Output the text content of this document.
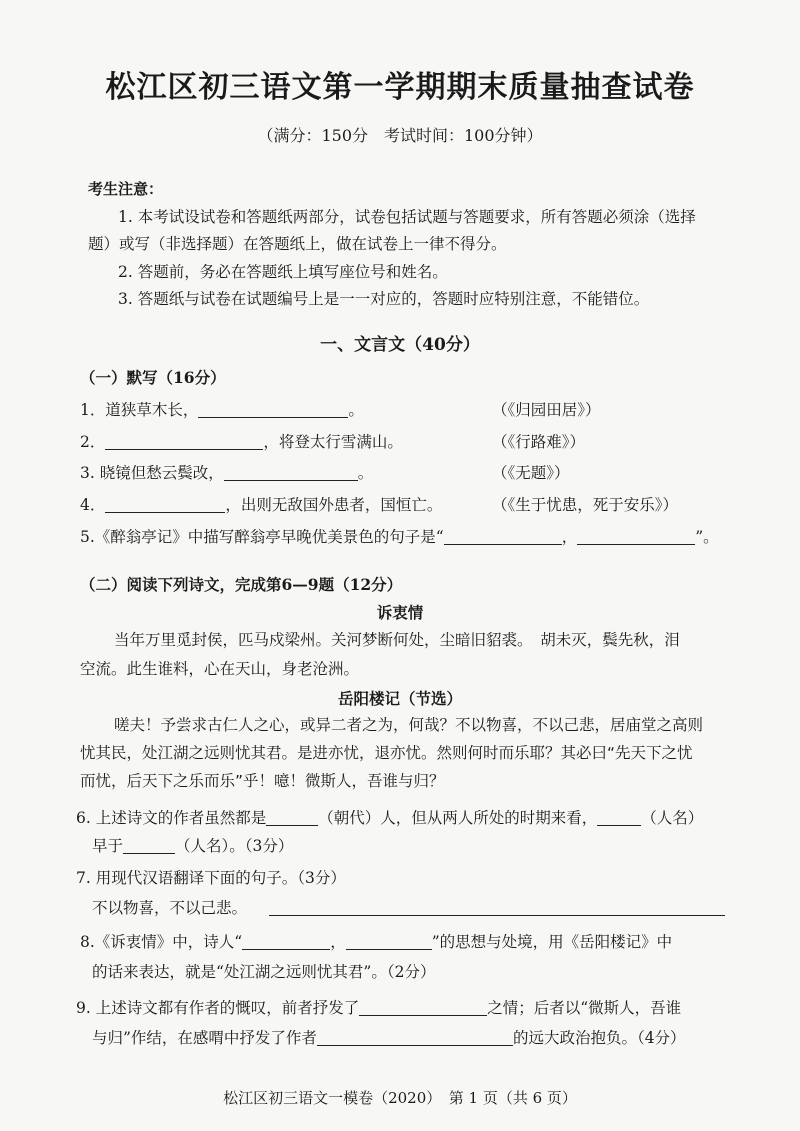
松江区初三语文第一学期期末质量抽查试卷
（满分：150分　考试时间：100分钟）
考生注意：
1. 本考试设试卷和答题纸两部分，试卷包括试题与答题要求，所有答题必须涂（选择
题）或写（非选择题）在答题纸上，做在试卷上一律不得分。
2. 答题前，务必在答题纸上填写座位号和姓名。
3. 答题纸与试卷在试题编号上是一一对应的，答题时应特别注意，不能错位。
一、文言文（40分）
（一）默写（16分）
1．道狭草木长，	。	（《归园田居》）
2．	，将登太行雪满山。	（《行路难》）
3. 晓镜但愁云鬓改，	。	（《无题》）
4．	，出则无敌国外患者，国恒亡。	（《生于忧患，死于安乐》）
5.《醉翁亭记》中描写醉翁亭早晚优美景色的句子是“	，	”。
（二）阅读下列诗文，完成第6—9题（12分）
诉衷情
当年万里觅封侯，匹马戍梁州。关河梦断何处，尘暗旧貂裘。　胡未灭，鬓先秋，泪
空流。此生谁料，心在天山，身老沧洲。
岳阳楼记（节选）
嗟夫！予尝求古仁人之心，或异二者之为，何哉？不以物喜，不以己悲，居庙堂之高则
忧其民，处江湖之远则忧其君。是进亦忧，退亦忧。然则何时而乐耶？其必曰“先天下之忧
而忧，后天下之乐而乐”乎！噫！微斯人，吾谁与归？
6. 上述诗文的作者虽然都是	（朝代）人，但从两人所处的时期来看，	（人名）
早于	（人名）。（3分）
7. 用现代汉语翻译下面的句子。（3分）
不以物喜，不以己悲。
8.《诉衷情》中，诗人“	，	”的思想与处境，用《岳阳楼记》中
的话来表达，就是“处江湖之远则忧其君”。（2分）
9. 上述诗文都有作者的慨叹，前者抒发了	之情；后者以“微斯人，吾谁
与归”作结，在感喟中抒发了作者	的远大政治抱负。（4分）
松江区初三语文一模卷（2020）　第 1 页（共 6 页）
